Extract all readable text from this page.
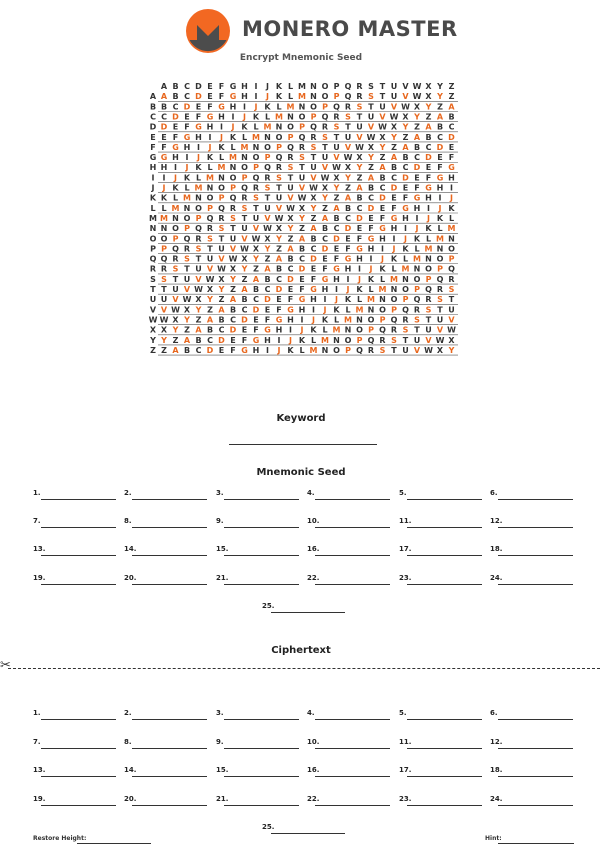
MONERO MASTER
Encrypt Mnemonic Seed
A B C D E F G H I J K L M N O P Q R S T U V W X Y Z
A A B C D E F G H I J K L M N O P Q R S T U V W X Y Z
B B C D E F G H I J K L M N O P Q R S T U V W X Y Z A
C C D E F G H I J K L M N O P Q R S T U V W X Y Z A B
D D E F G H I J K L M N O P Q R S T U V W X Y Z A B C
E E F G H I J K L M N O P Q R S T U V W X Y Z A B C D
F F G H I J K L M N O P Q R S T U V W X Y Z A B C D E
G G H I J K L M N O P Q R S T U V W X Y Z A B C D E F
H H I J K L M N O P Q R S T U V W X Y Z A B C D E F G
I I J K L M N O P Q R S T U V W X Y Z A B C D E F G H
J J K L M N O P Q R S T U V W X Y Z A B C D E F G H I
K K L M N O P Q R S T U V W X Y Z A B C D E F G H I J
L L M N O P Q R S T U V W X Y Z A B C D E F G H I J K
M M N O P Q R S T U V W X Y Z A B C D E F G H I J K L
N N O P Q R S T U V W X Y Z A B C D E F G H I J K L M
O O P Q R S T U V W X Y Z A B C D E F G H I J K L M N
P P Q R S T U V W X Y Z A B C D E F G H I J K L M N O
Q Q R S T U V W X Y Z A B C D E F G H I J K L M N O P
R R S T U V W X Y Z A B C D E F G H I J K L M N O P Q
S S T U V W X Y Z A B C D E F G H I J K L M N O P Q R
T T U V W X Y Z A B C D E F G H I J K L M N O P Q R S
U U V W X Y Z A B C D E F G H I J K L M N O P Q R S T
V V W X Y Z A B C D E F G H I J K L M N O P Q R S T U
W W X Y Z A B C D E F G H I J K L M N O P Q R S T U V
X X Y Z A B C D E F G H I J K L M N O P Q R S T U V W
Y Y Z A B C D E F G H I J K L M N O P Q R S T U V W X
Z Z A B C D E F G H I J K L M N O P Q R S T U V W X Y
Keyword
Mnemonic Seed
1.	2.	3.	4.	5.	6.
7.	8.	9.	10.	11.	12.
13.	14.	15.	16.	17.	18.
19.	20.	21.	22.	23.	24.
25.
✂
Ciphertext
1.	2.	3.	4.	5.	6.
7.	8.	9.	10.	11.	12.
13.	14.	15.	16.	17.	18.
19.	20.	21.	22.	23.	24.
25.
Restore Height:	Hint:
